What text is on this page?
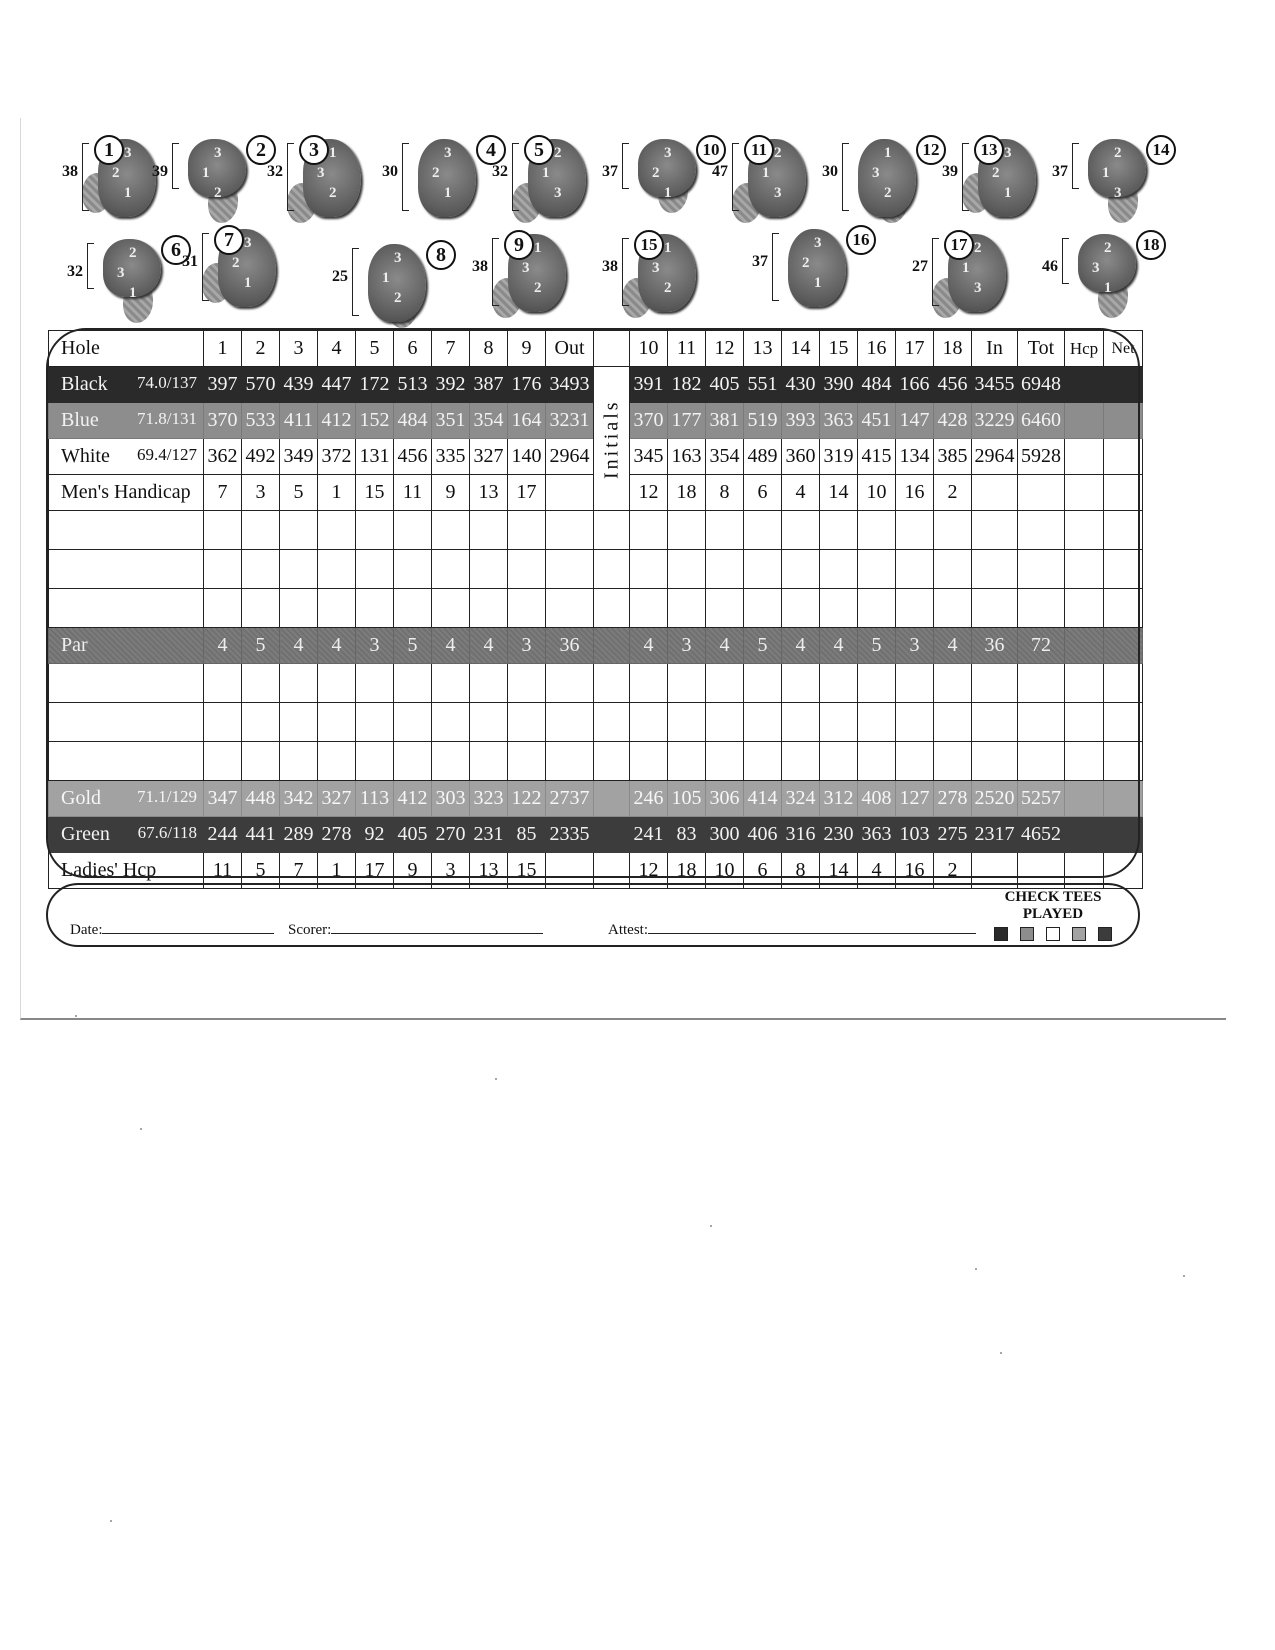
1
38
3
2
1
2
39
3
1
2
3
32
1
3
2
4
30
3
2
1
5
32
2
1
3
6
32
2
3
1
7
31
3
2
1
8
25
3
1
2
9
38
1
3
2
10
37
3
2
1
11
47
2
1
3
12
30
1
3
2
13
39
3
2
1
14
37
2
1
3
15
38
1
3
2
16
37
3
2
1
17
27
2
1
3
18
46
2
3
1
Hole	1	2	3	4	5	6	7	8	9	Out		10	11	12	13	14	15	16	17	18	In	Tot	Hcp	Net
Black 74.0/137	397	570	439	447	172	513	392	387	176	3493	Initials	391	182	405	551	430	390	484	166	456	3455	6948		
Blue 71.8/131	370	533	411	412	152	484	351	354	164	3231		370	177	381	519	393	363	451	147	428	3229	6460		
White 69.4/127	362	492	349	372	131	456	335	327	140	2964		345	163	354	489	360	319	415	134	385	2964	5928		
Men's Handicap	7	3	5	1	15	11	9	13	17			12	18	8	6	4	14	10	16	2				

Par	4	5	4	4	3	5	4	4	3	36		4	3	4	5	4	4	5	3	4	36	72		

Gold 71.1/129	347	448	342	327	113	412	303	323	122	2737		246	105	306	414	324	312	408	127	278	2520	5257		
Green 67.6/118	244	441	289	278	92	405	270	231	85	2335		241	83	300	406	316	230	363	103	275	2317	4652		
Ladies' Hcp	11	5	7	1	17	9	3	13	15			12	18	10	6	8	14	4	16	2				
Date:	Scorer:	Attest:
CHECK TEES
PLAYED
